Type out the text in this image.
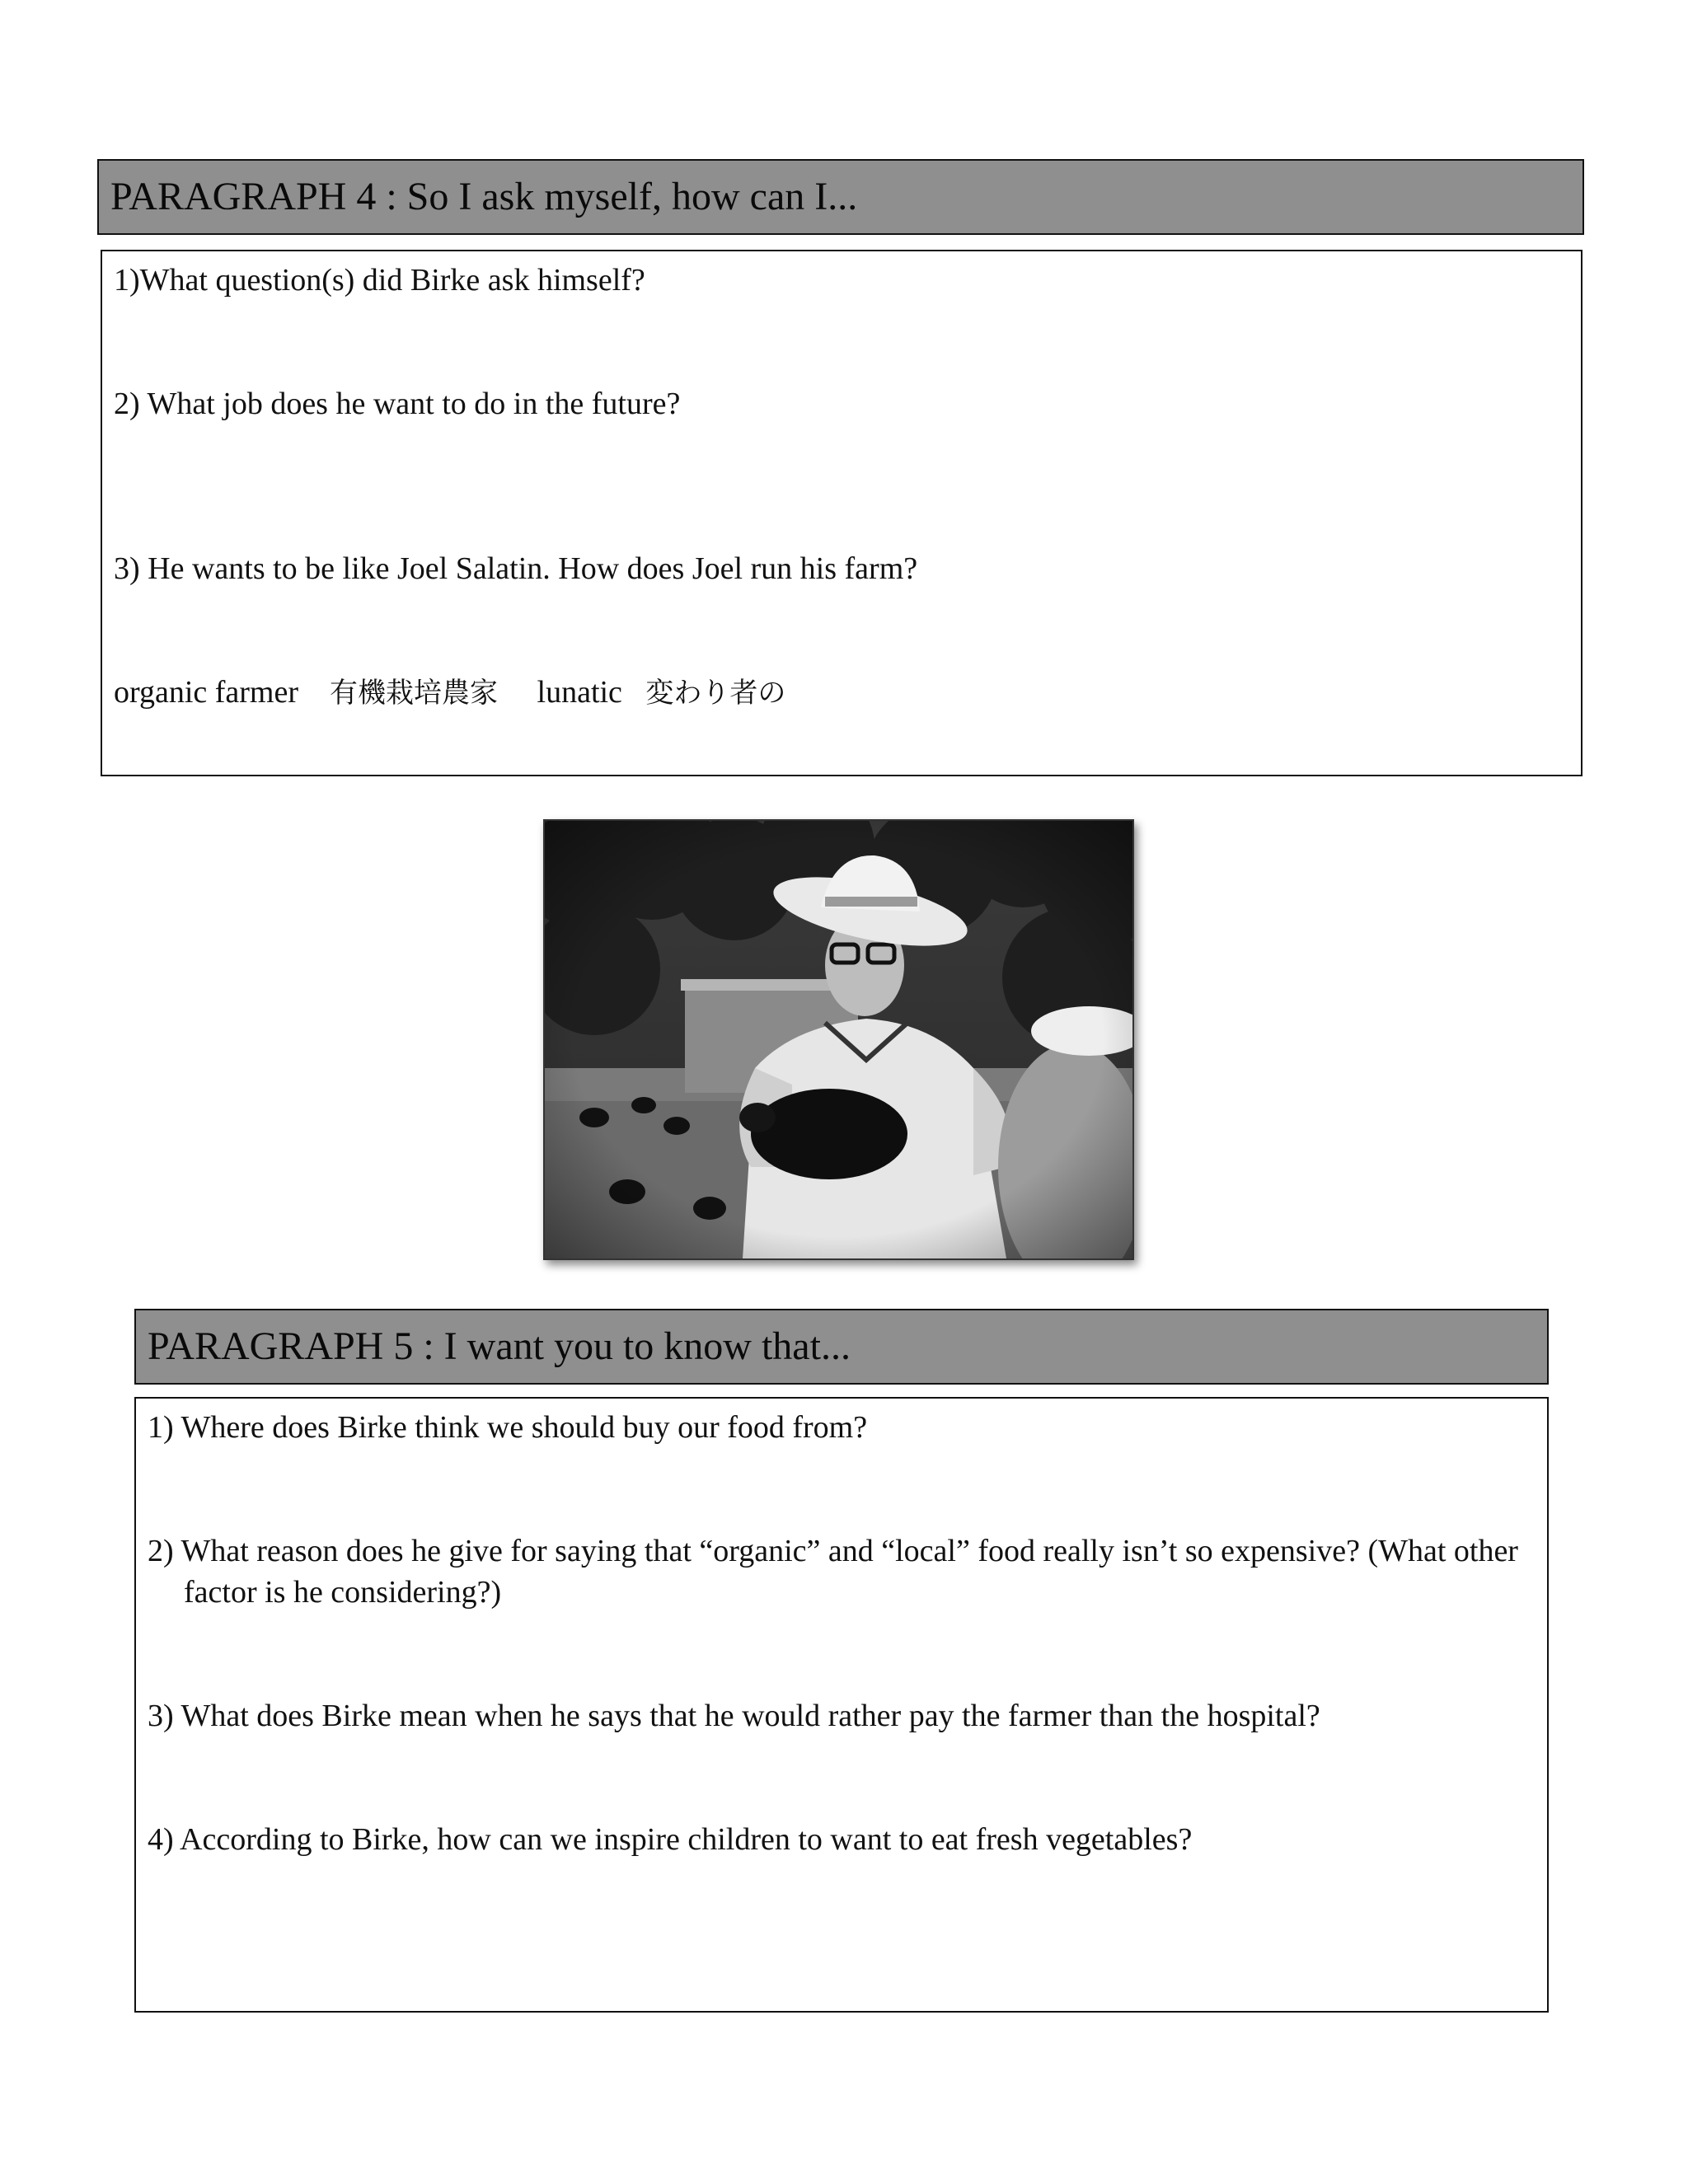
PARAGRAPH 4 : So I ask myself, how can I...

1)What question(s) did Birke ask himself?

2) What job does he want to do in the future?

3) He wants to be like Joel Salatin. How does Joel run his farm?

organic farmer 有機栽培農家 lunatic 変わり者の
PARAGRAPH 5 : I want you to know that...

1) Where does Birke think we should buy our food from?

2) What reason does he give for saying that “organic” and “local” food really isn’t so expensive? (What other factor is he considering?)

3) What does Birke mean when he says that he would rather pay the farmer than the hospital?

4) According to Birke, how can we inspire children to want to eat fresh vegetables?
